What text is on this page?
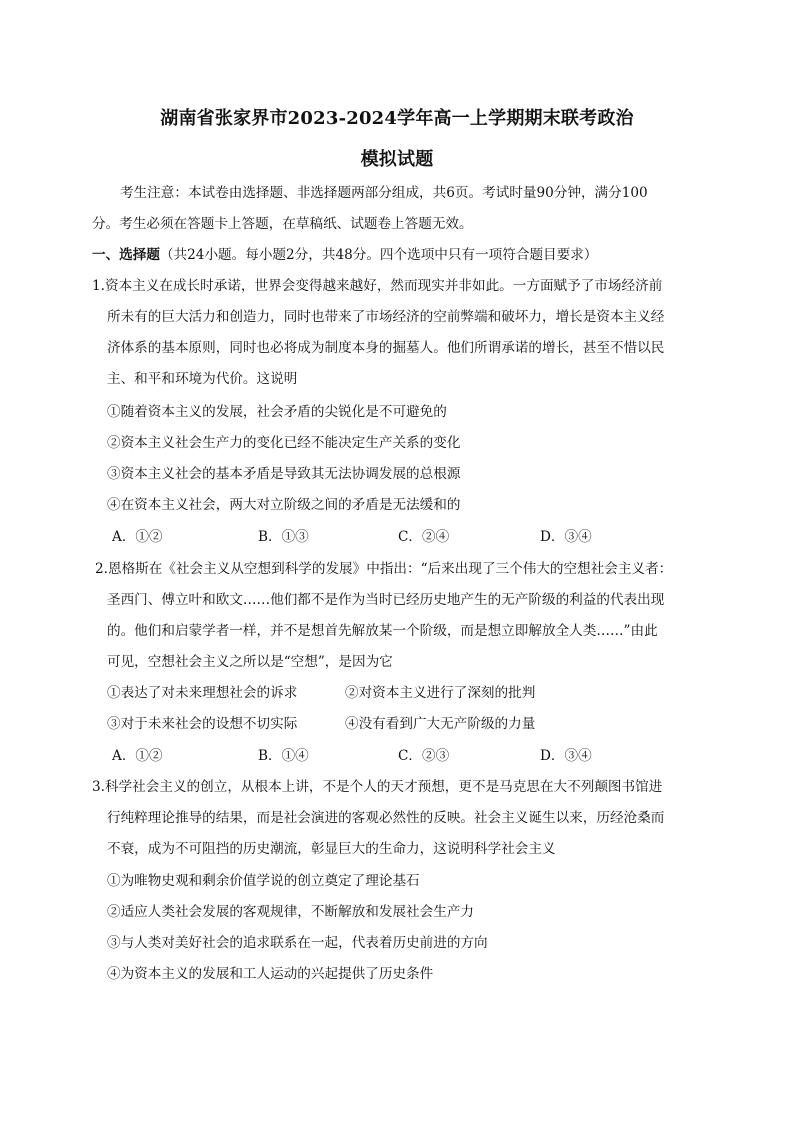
湖南省张家界市2023-2024学年高一上学期期末联考政治
模拟试题
考生注意：本试卷由选择题、非选择题两部分组成，共6页。考试时量90分钟，满分100
分。考生必须在答题卡上答题，在草稿纸、试题卷上答题无效。
一、选择题（共24小题。每小题2分，共48分。四个选项中只有一项符合题目要求）
1.资本主义在成长时承诺，世界会变得越来越好，然而现实并非如此。一方面赋予了市场经济前
所未有的巨大活力和创造力，同时也带来了市场经济的空前弊端和破坏力，增长是资本主义经
济体系的基本原则，同时也必将成为制度本身的掘墓人。他们所谓承诺的增长，甚至不惜以民
主、和平和环境为代价。这说明
①随着资本主义的发展，社会矛盾的尖锐化是不可避免的
②资本主义社会生产力的变化已经不能决定生产关系的变化
③资本主义社会的基本矛盾是导致其无法协调发展的总根源
④在资本主义社会，两大对立阶级之间的矛盾是无法缓和的
A．①②	B．①③	C．②④	D．③④
2.恩格斯在《社会主义从空想到科学的发展》中指出：“后来出现了三个伟大的空想社会主义者：
圣西门、傅立叶和欧文……他们都不是作为当时已经历史地产生的无产阶级的利益的代表出现
的。他们和启蒙学者一样，并不是想首先解放某一个阶级，而是想立即解放全人类……”由此
可见，空想社会主义之所以是“空想”，是因为它
①表达了对未来理想社会的诉求	②对资本主义进行了深刻的批判
③对于未来社会的设想不切实际	④没有看到广大无产阶级的力量
A．①②	B．①④	C．②③	D．③④
3.科学社会主义的创立，从根本上讲，不是个人的天才预想，更不是马克思在大不列颠图书馆进
行纯粹理论推导的结果，而是社会演进的客观必然性的反映。社会主义诞生以来，历经沧桑而
不衰，成为不可阻挡的历史潮流，彰显巨大的生命力，这说明科学社会主义
①为唯物史观和剩余价值学说的创立奠定了理论基石
②适应人类社会发展的客观规律，不断解放和发展社会生产力
③与人类对美好社会的追求联系在一起，代表着历史前进的方向
④为资本主义的发展和工人运动的兴起提供了历史条件
